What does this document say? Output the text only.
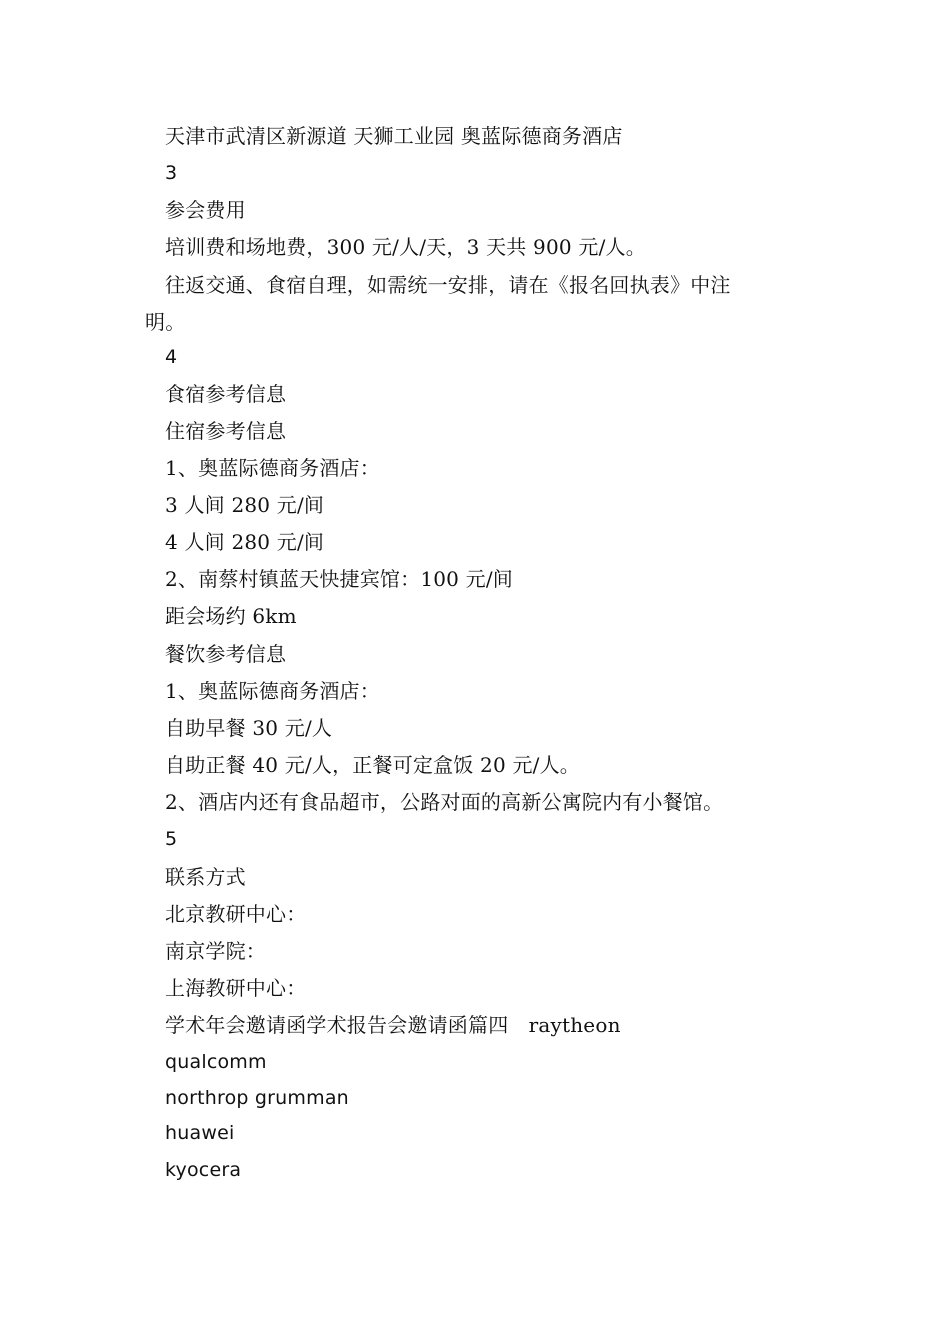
天津市武清区新源道 天狮工业园 奥蓝际德商务酒店
3
参会费用
培训费和场地费，300 元/人/天，3 天共 900 元/人。
往返交通、食宿自理，如需统一安排，请在《报名回执表》中注
明。
4
食宿参考信息
住宿参考信息
1、奥蓝际德商务酒店：
3 人间 280 元/间
4 人间 280 元/间
2、南蔡村镇蓝天快捷宾馆：100 元/间
距会场约 6km
餐饮参考信息
1、奥蓝际德商务酒店：
自助早餐 30 元/人
自助正餐 40 元/人，正餐可定盒饭 20 元/人。
2、酒店内还有食品超市，公路对面的高新公寓院内有小餐馆。
5
联系方式
北京教研中心：
南京学院：
上海教研中心：
学术年会邀请函学术报告会邀请函篇四　raytheon
qualcomm
northrop grumman
huawei
kyocera
